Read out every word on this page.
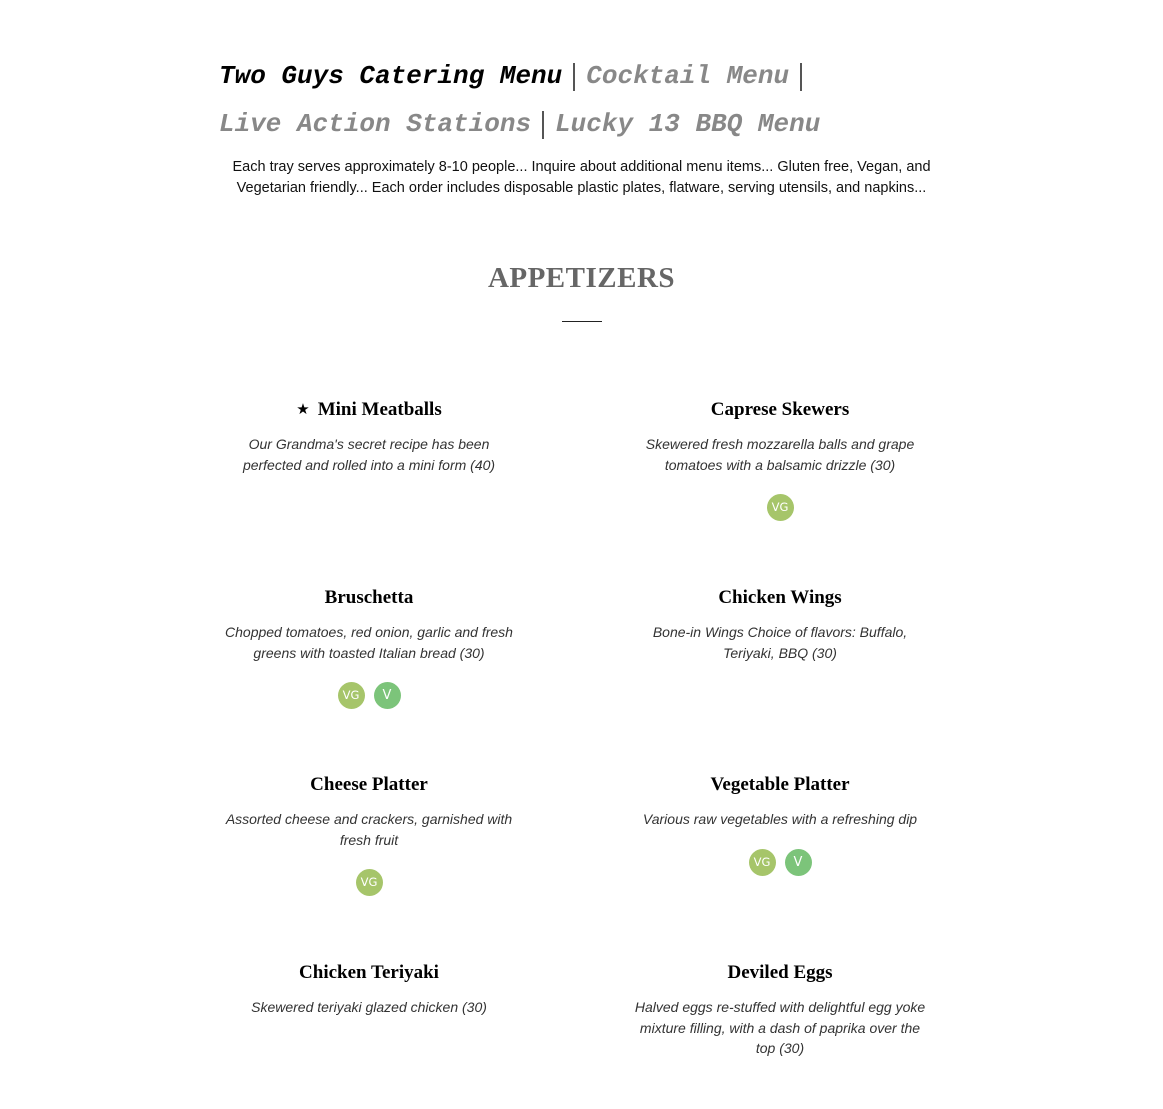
Two Guys Catering Menu Cocktail Menu
Live Action Stations Lucky 13 BBQ Menu
Each tray serves approximately 8-10 people... Inquire about additional menu items... Gluten free, Vegan, and Vegetarian friendly... Each order includes disposable plastic plates, flatware, serving utensils, and napkins...
APPETIZERS
★ Mini Meatballs
Our Grandma's secret recipe has been perfected and rolled into a mini form (40)
Caprese Skewers
Skewered fresh mozzarella balls and grape tomatoes with a balsamic drizzle (30)
VG
Bruschetta
Chopped tomatoes, red onion, garlic and fresh greens with toasted Italian bread (30)
VG	V
Chicken Wings
Bone-in Wings Choice of flavors: Buffalo, Teriyaki, BBQ (30)
Cheese Platter
Assorted cheese and crackers, garnished with fresh fruit
VG
Vegetable Platter
Various raw vegetables with a refreshing dip
VG	V
Chicken Teriyaki
Skewered teriyaki glazed chicken (30)
Deviled Eggs
Halved eggs re-stuffed with delightful egg yoke mixture filling, with a dash of paprika over the top (30)
